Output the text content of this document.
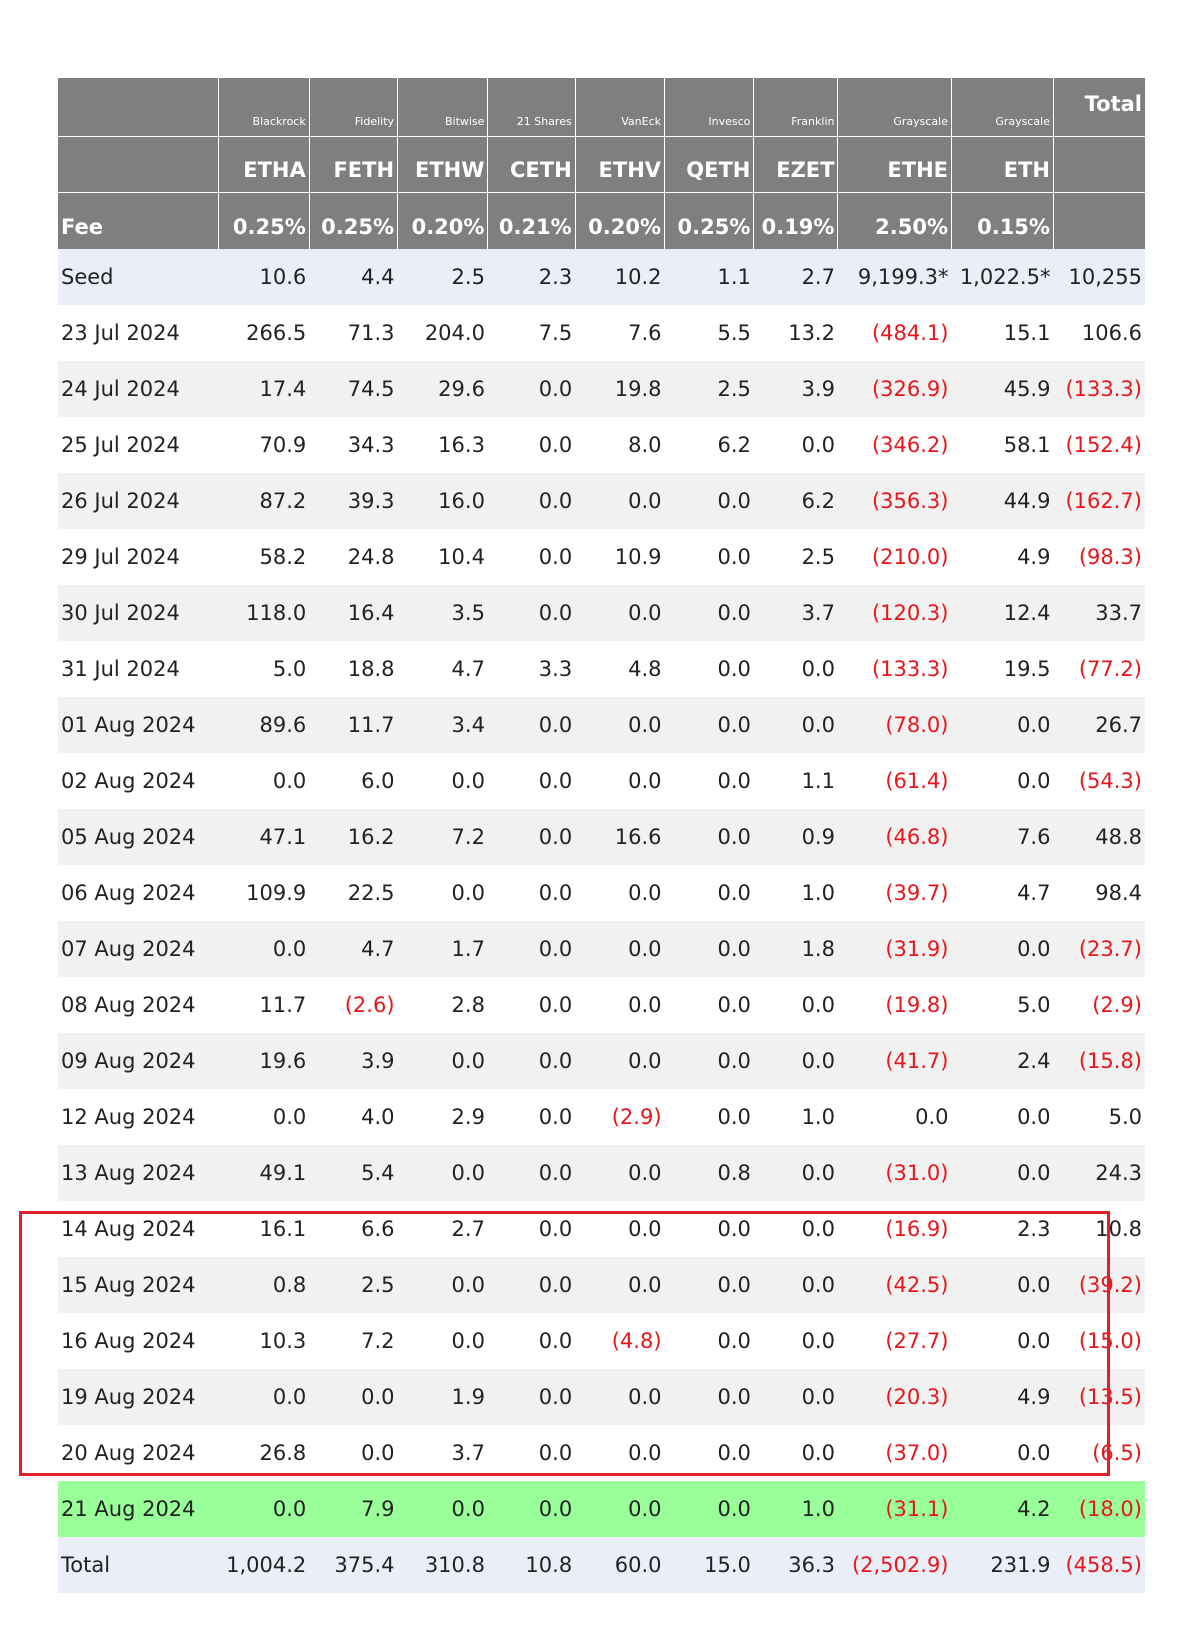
	Blackrock	Fidelity	Bitwise	21 Shares	VanEck	Invesco	Franklin	Grayscale	Grayscale	Total
	ETHA	FETH	ETHW	CETH	ETHV	QETH	EZET	ETHE	ETH	
Fee	0.25%	0.25%	0.20%	0.21%	0.20%	0.25%	0.19%	2.50%	0.15%	
Seed	10.6	4.4	2.5	2.3	10.2	1.1	2.7	9,199.3*	1,022.5*	10,255
23 Jul 2024	266.5	71.3	204.0	7.5	7.6	5.5	13.2	(484.1)	15.1	106.6
24 Jul 2024	17.4	74.5	29.6	0.0	19.8	2.5	3.9	(326.9)	45.9	(133.3)
25 Jul 2024	70.9	34.3	16.3	0.0	8.0	6.2	0.0	(346.2)	58.1	(152.4)
26 Jul 2024	87.2	39.3	16.0	0.0	0.0	0.0	6.2	(356.3)	44.9	(162.7)
29 Jul 2024	58.2	24.8	10.4	0.0	10.9	0.0	2.5	(210.0)	4.9	(98.3)
30 Jul 2024	118.0	16.4	3.5	0.0	0.0	0.0	3.7	(120.3)	12.4	33.7
31 Jul 2024	5.0	18.8	4.7	3.3	4.8	0.0	0.0	(133.3)	19.5	(77.2)
01 Aug 2024	89.6	11.7	3.4	0.0	0.0	0.0	0.0	(78.0)	0.0	26.7
02 Aug 2024	0.0	6.0	0.0	0.0	0.0	0.0	1.1	(61.4)	0.0	(54.3)
05 Aug 2024	47.1	16.2	7.2	0.0	16.6	0.0	0.9	(46.8)	7.6	48.8
06 Aug 2024	109.9	22.5	0.0	0.0	0.0	0.0	1.0	(39.7)	4.7	98.4
07 Aug 2024	0.0	4.7	1.7	0.0	0.0	0.0	1.8	(31.9)	0.0	(23.7)
08 Aug 2024	11.7	(2.6)	2.8	0.0	0.0	0.0	0.0	(19.8)	5.0	(2.9)
09 Aug 2024	19.6	3.9	0.0	0.0	0.0	0.0	0.0	(41.7)	2.4	(15.8)
12 Aug 2024	0.0	4.0	2.9	0.0	(2.9)	0.0	1.0	0.0	0.0	5.0
13 Aug 2024	49.1	5.4	0.0	0.0	0.0	0.8	0.0	(31.0)	0.0	24.3
14 Aug 2024	16.1	6.6	2.7	0.0	0.0	0.0	0.0	(16.9)	2.3	10.8
15 Aug 2024	0.8	2.5	0.0	0.0	0.0	0.0	0.0	(42.5)	0.0	(39.2)
16 Aug 2024	10.3	7.2	0.0	0.0	(4.8)	0.0	0.0	(27.7)	0.0	(15.0)
19 Aug 2024	0.0	0.0	1.9	0.0	0.0	0.0	0.0	(20.3)	4.9	(13.5)
20 Aug 2024	26.8	0.0	3.7	0.0	0.0	0.0	0.0	(37.0)	0.0	(6.5)
21 Aug 2024	0.0	7.9	0.0	0.0	0.0	0.0	1.0	(31.1)	4.2	(18.0)
Total	1,004.2	375.4	310.8	10.8	60.0	15.0	36.3	(2,502.9)	231.9	(458.5)
